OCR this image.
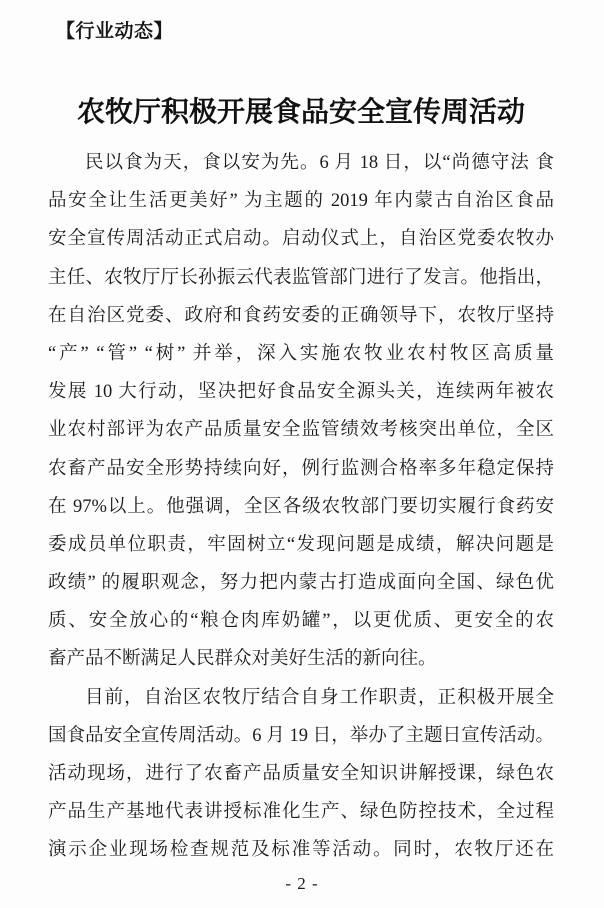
【行业动态】
农牧厅积极开展食品安全宣传周活动
民以食为天，食以安为先。6 月 18 日，以“尚德守法 食
品安全让生活更美好” 为主题的 2019 年内蒙古自治区食品
安全宣传周活动正式启动。启动仪式上，自治区党委农牧办
主任、农牧厅厅长孙振云代表监管部门进行了发言。他指出，
在自治区党委、政府和食药安委的正确领导下，农牧厅坚持
“产” “管” “树” 并举，深入实施农牧业农村牧区高质量
发展 10 大行动，坚决把好食品安全源头关，连续两年被农
业农村部评为农产品质量安全监管绩效考核突出单位，全区
农畜产品安全形势持续向好，例行监测合格率多年稳定保持
在 97%以上。他强调，全区各级农牧部门要切实履行食药安
委成员单位职责，牢固树立“发现问题是成绩，解决问题是
政绩” 的履职观念，努力把内蒙古打造成面向全国、绿色优
质、安全放心的“粮仓肉库奶罐”，以更优质、更安全的农
畜产品不断满足人民群众对美好生活的新向往。
目前，自治区农牧厅结合自身工作职责，正积极开展全
国食品安全宣传周活动。6 月 19 日，举办了主题日宣传活动。
活动现场，进行了农畜产品质量安全知识讲解授课，绿色农
产品生产基地代表讲授标准化生产、绿色防控技术，全过程
演示企业现场检查规范及标准等活动。同时，农牧厅还在
- 2 -
